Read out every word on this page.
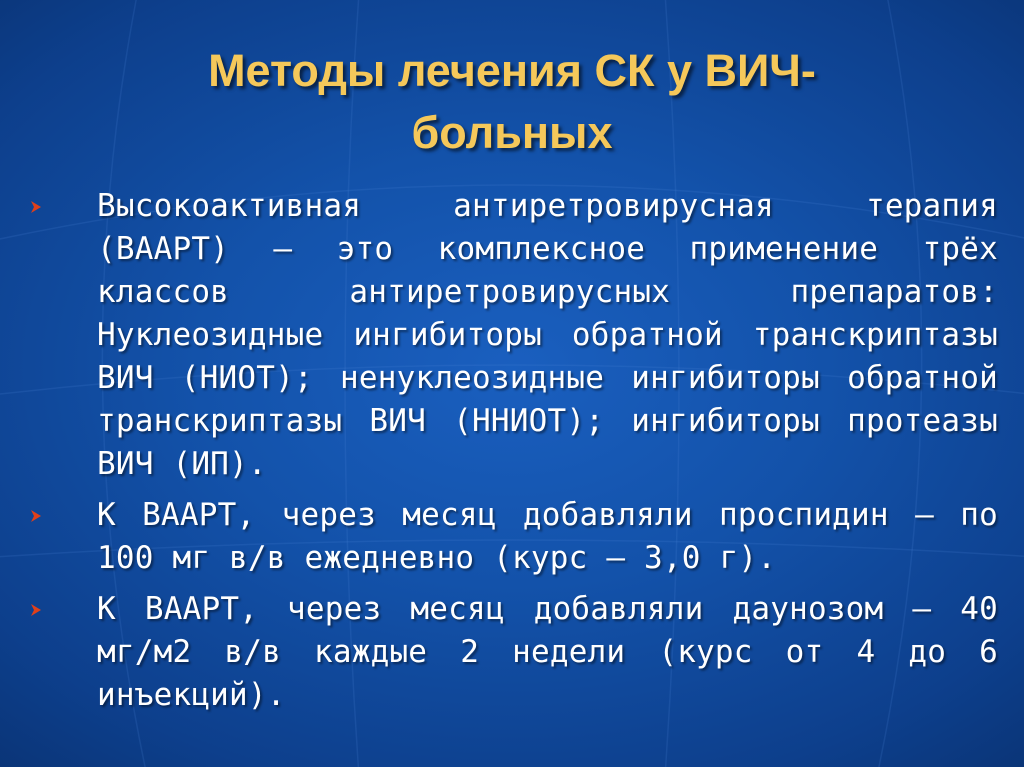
Методы лечения СК у ВИЧ-
больных
Высокоактивная антиретровирусная терапия (ВААРТ) – это комплексное применение трёх классов антиретровирусных препаратов: Нуклеозидные ингибиторы обратной транскриптазы ВИЧ (НИОТ); ненуклеозидные ингибиторы обратной транскриптазы ВИЧ (ННИОТ); ингибиторы протеазы ВИЧ (ИП).
К ВААРТ, через месяц добавляли проспидин – по 100 мг в/в ежедневно (курс – 3,0 г).
К ВААРТ, через месяц добавляли даунозом – 40 мг/м2 в/в каждые 2 недели (курс от 4 до 6 инъекций).
